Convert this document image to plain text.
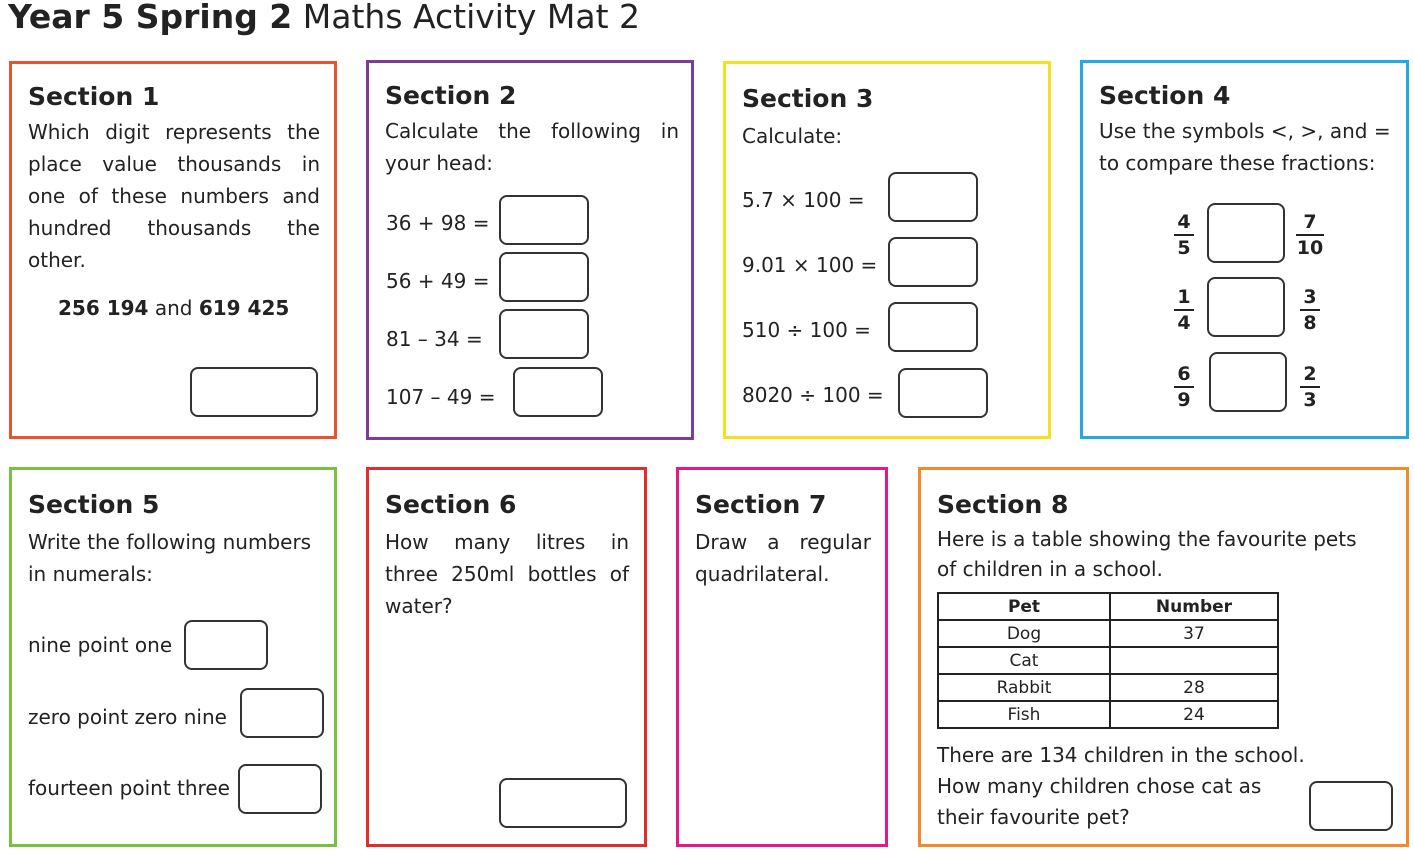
Year 5 Spring 2 Maths Activity Mat 2
Section 1
Which digit represents the
place value thousands in
one of these numbers and
hundred thousands the
other.
256 194 and 619 425
Section 2
Calculate the following in
your head:
36 + 98 =
56 + 49 =
81 – 34 =
107 – 49 =
Section 3
Calculate:
5.7 × 100 =
9.01 × 100 =
510 ÷ 100 =
8020 ÷ 100 =
Section 4
Use the symbols <, >, and =
to compare these fractions:
4
5
7
10
1
4
3
8
6
9
2
3
Section 5
Write the following numbers
in numerals:
nine point one
zero point zero nine
fourteen point three
Section 6
How many litres in
three 250ml bottles of
water?
Section 7
Draw a regular
quadrilateral.
Section 8
Here is a table showing the favourite pets
of children in a school.
Pet	Number
Dog	37
Cat	
Rabbit	28
Fish	24
There are 134 children in the school.
How many children chose cat as
their favourite pet?
